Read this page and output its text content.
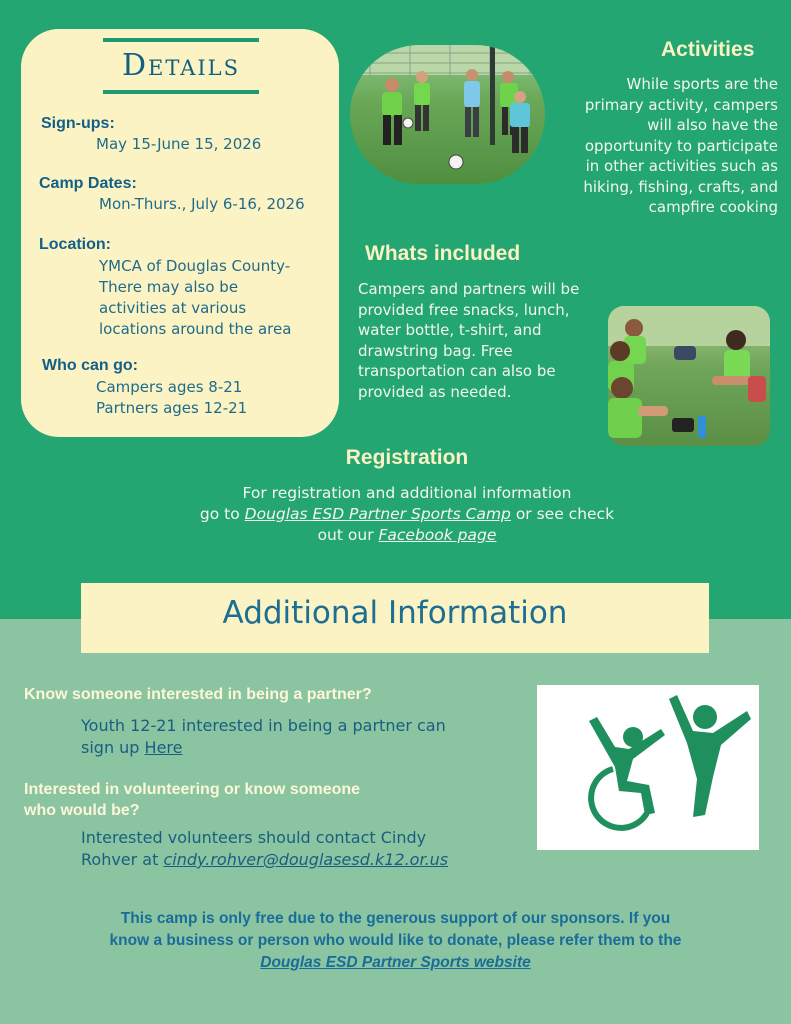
Details
Sign-ups:
May 15-June 15, 2026
Camp Dates:
Mon-Thurs., July 6-16, 2026
Location:
YMCA of Douglas County-
There may also be
activities at various
locations around the area
Who can go:
Campers ages 8-21
Partners ages 12-21
Activities
While sports are the
primary activity, campers
will also have the
opportunity to participate
in other activities such as
hiking, fishing, crafts, and
campfire cooking
Whats included
Campers and partners will be
provided free snacks, lunch,
water bottle, t-shirt, and
drawstring bag. Free
transportation can also be
provided as needed.
Registration
For registration and additional information
go to Douglas ESD Partner Sports Camp or see check
out our Facebook page
Additional Information
Know someone interested in being a partner?
Youth 12-21 interested in being a partner can
sign up Here
Interested in volunteering or know someone
who would be?
Interested volunteers should contact Cindy
Rohver at cindy.rohver@douglasesd.k12.or.us
This camp is only free due to the generous support of our sponsors. If you
know a business or person who would like to donate, please refer them to the
Douglas ESD Partner Sports website
